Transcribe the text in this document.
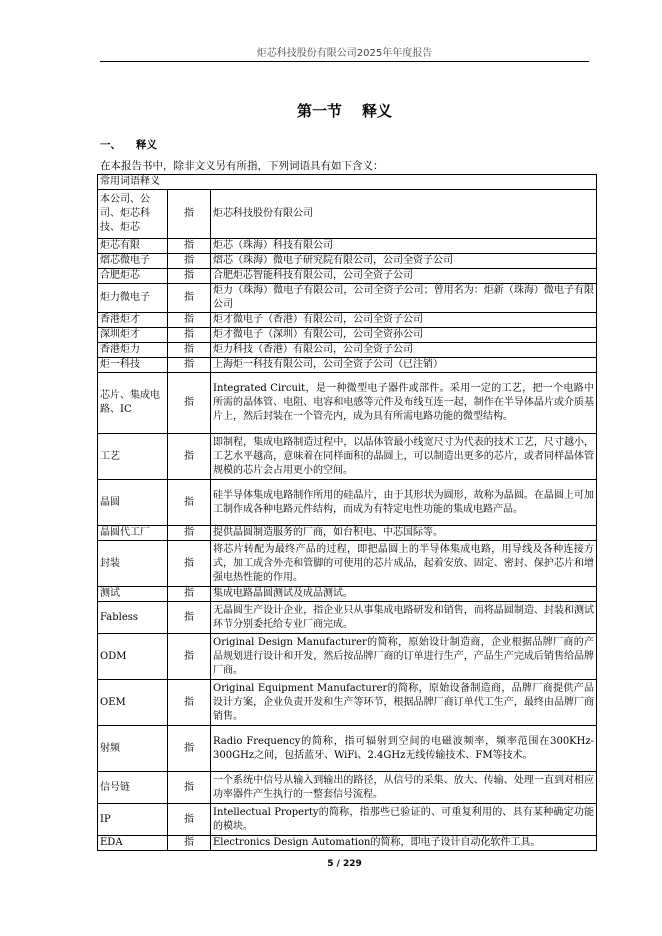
炬芯科技股份有限公司2025年年度报告
第一节 释义
一、 释义
在本报告书中，除非文义另有所指，下列词语具有如下含义：
常用词语释义		
本公司、公司、炬芯科技、炬芯	指	炬芯科技股份有限公司
炬芯有限	指	炬芯（珠海）科技有限公司
熠芯微电子	指	熠芯（珠海）微电子研究院有限公司，公司全资子公司
合肥炬芯	指	合肥炬芯智能科技有限公司，公司全资子公司
炬力微电子	指	炬力（珠海）微电子有限公司，公司全资子公司；曾用名为：炬新（珠海）微电子有限公司
香港炬才	指	炬才微电子（香港）有限公司，公司全资子公司
深圳炬才	指	炬才微电子（深圳）有限公司，公司全资孙公司
香港炬力	指	炬力科技（香港）有限公司，公司全资子公司
炬一科技	指	上海炬一科技有限公司，公司全资子公司（已注销）
芯片、集成电路、IC	指	Integrated Circuit，是一种微型电子器件或部件。采用一定的工艺，把一个电路中所需的晶体管、电阻、电容和电感等元件及布线互连一起，制作在半导体晶片或介质基片上，然后封装在一个管壳内，成为具有所需电路功能的微型结构。
工艺	指	即制程，集成电路制造过程中，以晶体管最小线宽尺寸为代表的技术工艺，尺寸越小，工艺水平越高，意味着在同样面积的晶圆上，可以制造出更多的芯片，或者同样晶体管规模的芯片会占用更小的空间。
晶圆	指	硅半导体集成电路制作所用的硅晶片，由于其形状为圆形，故称为晶圆。在晶圆上可加工制作成各种电路元件结构，而成为有特定电性功能的集成电路产品。
晶圆代工厂	指	提供晶圆制造服务的厂商，如台积电、中芯国际等。
封装	指	将芯片转配为最终产品的过程，即把晶圆上的半导体集成电路，用导线及各种连接方式，加工成含外壳和管脚的可使用的芯片成品，起着安放、固定、密封、保护芯片和增强电热性能的作用。
测试	指	集成电路晶圆测试及成品测试。
Fabless	指	无晶圆生产设计企业，指企业只从事集成电路研发和销售，而将晶圆制造、封装和测试环节分别委托给专业厂商完成。
ODM	指	Original Design Manufacturer的简称，原始设计制造商，企业根据品牌厂商的产品规划进行设计和开发，然后按品牌厂商的订单进行生产，产品生产完成后销售给品牌厂商。
OEM	指	Original Equipment Manufacturer的简称，原始设备制造商，品牌厂商提供产品设计方案，企业负责开发和生产等环节，根据品牌厂商订单代工生产，最终由品牌厂商销售。
射频	指	Radio Frequency的简称，指可辐射到空间的电磁波频率，频率范围在300KHz-300GHz之间，包括蓝牙、WiFi、2.4GHz无线传输技术、FM等技术。
信号链	指	一个系统中信号从输入到输出的路径，从信号的采集、放大、传输、处理一直到对相应功率器件产生执行的一整套信号流程。
IP	指	Intellectual Property的简称，指那些已验证的、可重复利用的、具有某种确定功能的模块。
EDA	指	Electronics Design Automation的简称，即电子设计自动化软件工具。
5 / 229
